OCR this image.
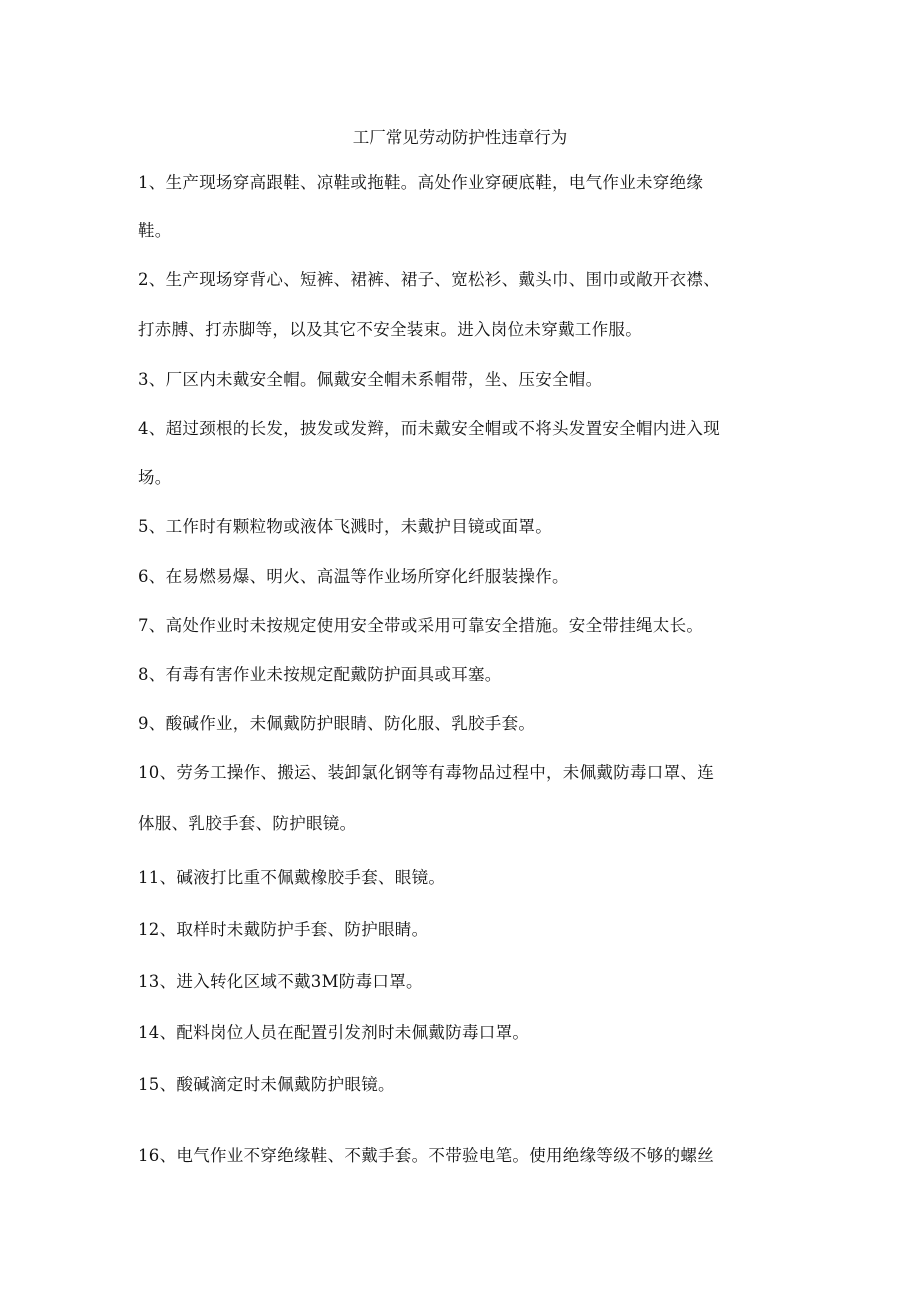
工厂常见劳动防护性违章行为
1、生产现场穿高跟鞋、凉鞋或拖鞋。高处作业穿硬底鞋，电气作业未穿绝缘
鞋。
2、生产现场穿背心、短裤、裙裤、裙子、宽松衫、戴头巾、围巾或敞开衣襟、
打赤膊、打赤脚等，以及其它不安全装束。进入岗位未穿戴工作服。
3、厂区内未戴安全帽。佩戴安全帽未系帽带，坐、压安全帽。
4、超过颈根的长发，披发或发辫，而未戴安全帽或不将头发置安全帽内进入现
场。
5、工作时有颗粒物或液体飞溅时，未戴护目镜或面罩。
6、在易燃易爆、明火、高温等作业场所穿化纤服装操作。
7、高处作业时未按规定使用安全带或采用可靠安全措施。安全带挂绳太长。
8、有毒有害作业未按规定配戴防护面具或耳塞。
9、酸碱作业，未佩戴防护眼睛、防化服、乳胶手套。
10、劳务工操作、搬运、装卸氯化钢等有毒物品过程中，未佩戴防毒口罩、连
体服、乳胶手套、防护眼镜。
11、碱液打比重不佩戴橡胶手套、眼镜。
12、取样时未戴防护手套、防护眼睛。
13、进入转化区域不戴3M防毒口罩。
14、配料岗位人员在配置引发剂时未佩戴防毒口罩。
15、酸碱滴定时未佩戴防护眼镜。
16、电气作业不穿绝缘鞋、不戴手套。不带验电笔。使用绝缘等级不够的螺丝
